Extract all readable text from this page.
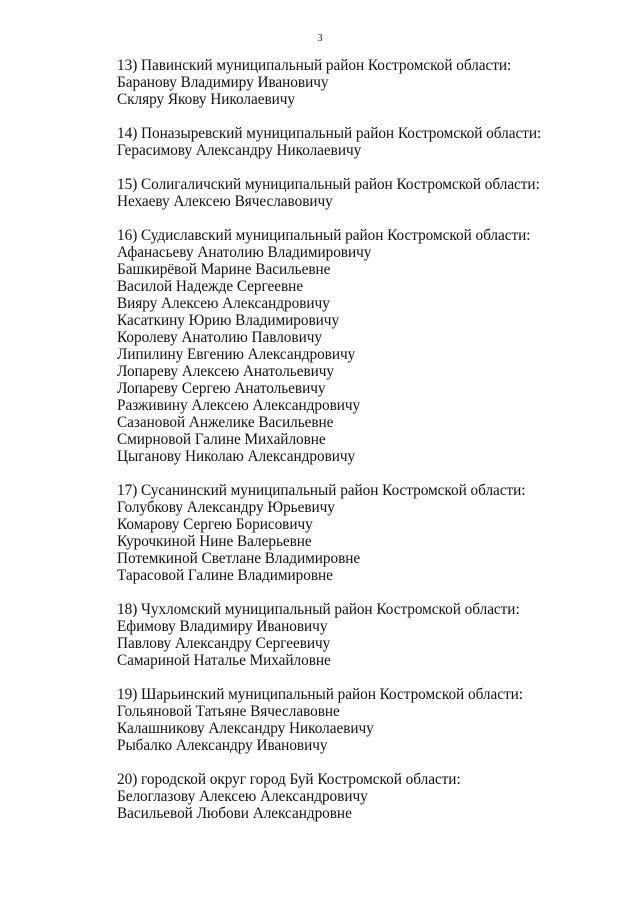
3
13) Павинский муниципальный район Костромской области:
Баранову Владимиру Ивановичу
Скляру Якову Николаевичу
14) Поназыревский муниципальный район Костромской области:
Герасимову Александру Николаевичу
15) Солигаличский муниципальный район Костромской области:
Нехаеву Алексею Вячеславовичу
16) Судиславский муниципальный район Костромской области:
Афанасьеву Анатолию Владимировичу
Башкирёвой Марине Васильевне
Василой Надежде Сергеевне
Вияру Алексею Александровичу
Касаткину Юрию Владимировичу
Королеву Анатолию Павловичу
Липилину Евгению Александровичу
Лопареву Алексею Анатольевичу
Лопареву Сергею Анатольевичу
Разживину Алексею Александровичу
Сазановой Анжелике Васильевне
Смирновой Галине Михайловне
Цыганову Николаю Александровичу
17) Сусанинский муниципальный район Костромской области:
Голубкову Александру Юрьевичу
Комарову Сергею Борисовичу
Курочкиной Нине Валерьевне
Потемкиной Светлане Владимировне
Тарасовой Галине Владимировне
18) Чухломский муниципальный район Костромской области:
Ефимову Владимиру Ивановичу
Павлову Александру Сергеевичу
Самариной Наталье Михайловне
19) Шарьинский муниципальный район Костромской области:
Гольяновой Татьяне Вячеславовне
Калашникову Александру Николаевичу
Рыбалко Александру Ивановичу
20) городской округ город Буй Костромской области:
Белоглазову Алексею Александровичу
Васильевой Любови Александровне
